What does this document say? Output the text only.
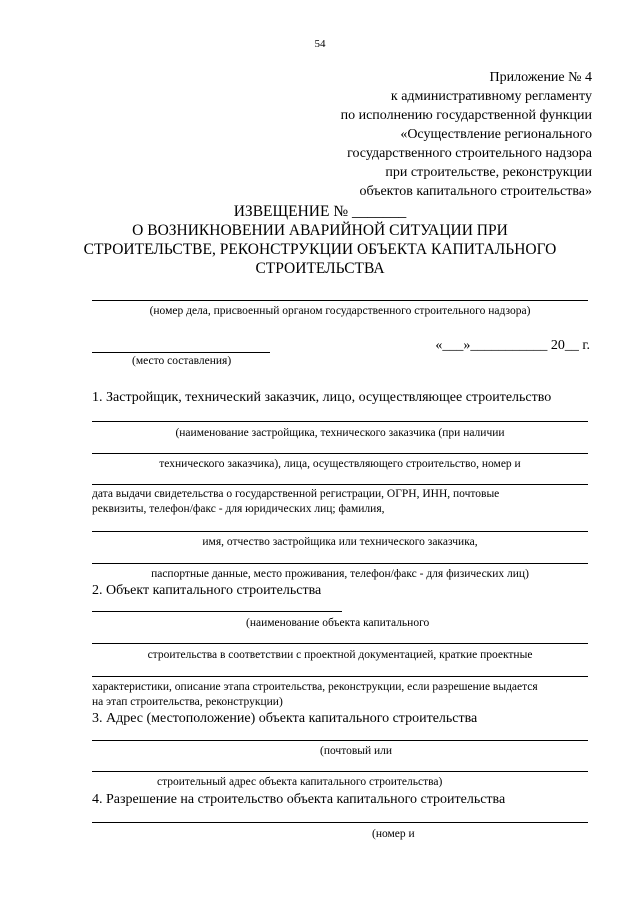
54
Приложение № 4
к административному регламенту
по исполнению государственной функции
«Осуществление регионального
государственного строительного надзора
при строительстве, реконструкции
объектов капитального строительства»
ИЗВЕЩЕНИЕ № _______
О ВОЗНИКНОВЕНИИ АВАРИЙНОЙ СИТУАЦИИ ПРИ
СТРОИТЕЛЬСТВЕ, РЕКОНСТРУКЦИИ ОБЪЕКТА КАПИТАЛЬНОГО
СТРОИТЕЛЬСТВА
(номер дела, присвоенный органом государственного строительного надзора)
(место составления)
«___»___________ 20__ г.
1. Застройщик, технический заказчик, лицо, осуществляющее строительство
(наименование застройщика, технического заказчика (при наличии
технического заказчика), лица, осуществляющего строительство, номер и
дата выдачи свидетельства о государственной регистрации, ОГРН, ИНН, почтовые
реквизиты, телефон/факс - для юридических лиц; фамилия,
имя, отчество застройщика или технического заказчика,
паспортные данные, место проживания, телефон/факс - для физических лиц)
2. Объект капитального строительства
(наименование объекта капитального
строительства в соответствии с проектной документацией, краткие проектные
характеристики, описание этапа строительства, реконструкции, если разрешение выдается
на этап строительства, реконструкции)
3. Адрес (местоположение) объекта капитального строительства
(почтовый или
строительный адрес объекта капитального строительства)
4. Разрешение на строительство объекта капитального строительства
(номер и
